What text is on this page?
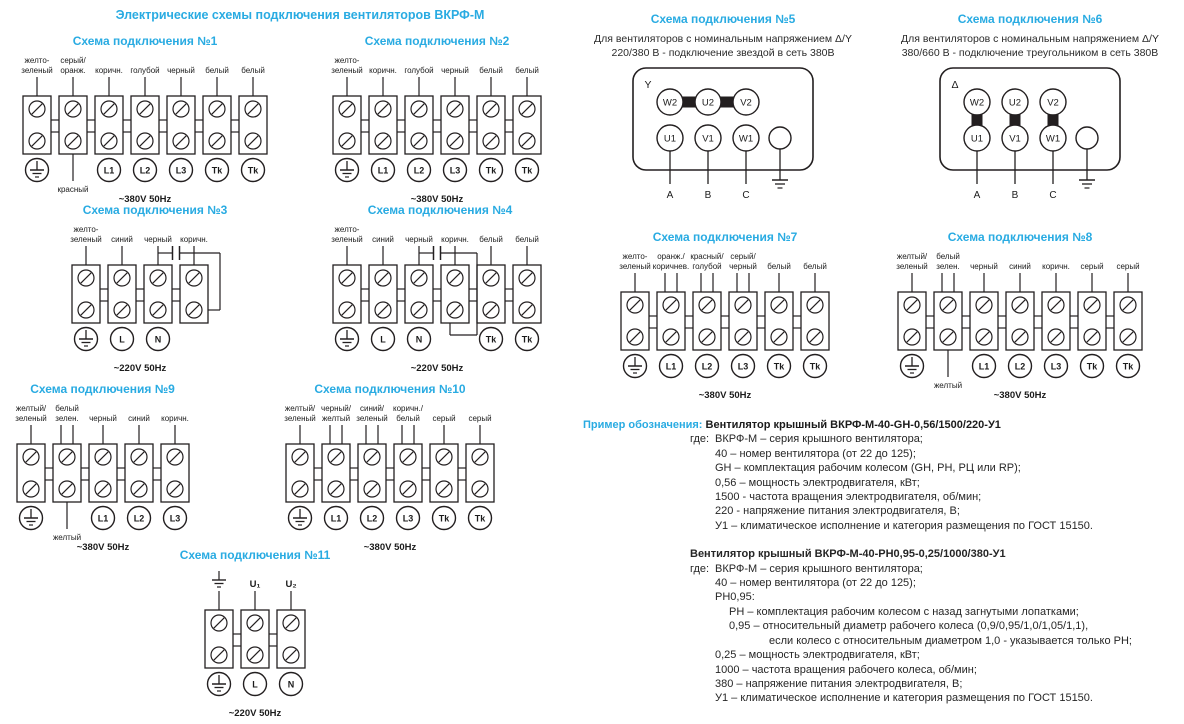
Электрические схемы подключения вентиляторов ВКРФ-М
Схема подключения №1
желто-
зеленый
серый/
оранж.
красный
коричн.
L1
голубой
L2
черный
L3
белый
Tk
белый
Tk
~380V 50Hz
Схема подключения №2
желто-
зеленый коричн.
L1
голубой
L2
черный
L3
белый
Tk
белый
Tk
~380V 50Hz
Схема подключения №3
желто-
зеленый синий
L
черный
N
коричн.
~220V 50Hz
Схема подключения №4
желто-
зеленый синий
L
черный
N
коричн. белый
Tk
белый
Tk
~220V 50Hz
Схема подключения №5
Для вентиляторов с номинальным напряжением Δ/Y 220/380 В - подключение звездой в сеть 380В
Y
W2	U2	V2
U1
A
V1
B
W1
C
Схема подключения №6
Для вентиляторов с номинальным напряжением Δ/Y 380/660 В - подключение треугольником в сеть 380В
Δ
W2	U2	V2
U1
A
V1
B
W1
C
Схема подключения №7
желто-
зеленый
оранж./
коричнев.
L1
красный/
голубой
L2
серый/
черный
L3
белый
Tk
белый
Tk
~380V 50Hz
Схема подключения №8
желтый/
зеленый
белый
зелен.
желтый
черный
L1
синий
L2
коричн.
L3
серый
Tk
серый
Tk
~380V 50Hz
Схема подключения №9
желтый/
зеленый
белый
зелен.
желтый
черный
L1
синий
L2
коричн.
L3
~380V 50Hz
Схема подключения №10
желтый/
зеленый
черный/
желтый
L1
синий/
зеленый
L2
коричн./
белый
L3
серый
Tk
серый
Tk
~380V 50Hz
Схема подключения №11
U₁
L
U₂
N
~220V 50Hz
Пример обозначения: Вентилятор крышный ВКРФ-М-40-GH-0,56/1500/220-У1
где: ВКРФ-М – серия крышного вентилятора;
40 – номер вентилятора (от 22 до 125);
GH – комплектация рабочим колесом (GH, РН, РЦ или RP);
0,56 – мощность электродвигателя, кВт;
1500 - частота вращения электродвигателя, об/мин;
220 - напряжение питания электродвигателя, В;
У1 – климатическое исполнение и категория размещения по ГОСТ 15150.
Вентилятор крышный ВКРФ-М-40-РН0,95-0,25/1000/380-У1
где: ВКРФ-М – серия крышного вентилятора;
40 – номер вентилятора (от 22 до 125);
РН0,95:
РН – комплектация рабочим колесом с назад загнутыми лопатками;
0,95 – относительный диаметр рабочего колеса (0,9/0,95/1,0/1,05/1,1),
если колесо с относительным диаметром 1,0 - указывается только РН;
0,25 – мощность электродвигателя, кВт;
1000 – частота вращения рабочего колеса, об/мин;
380 – напряжение питания электродвигателя, В;
У1 – климатическое исполнение и категория размещения по ГОСТ 15150.
